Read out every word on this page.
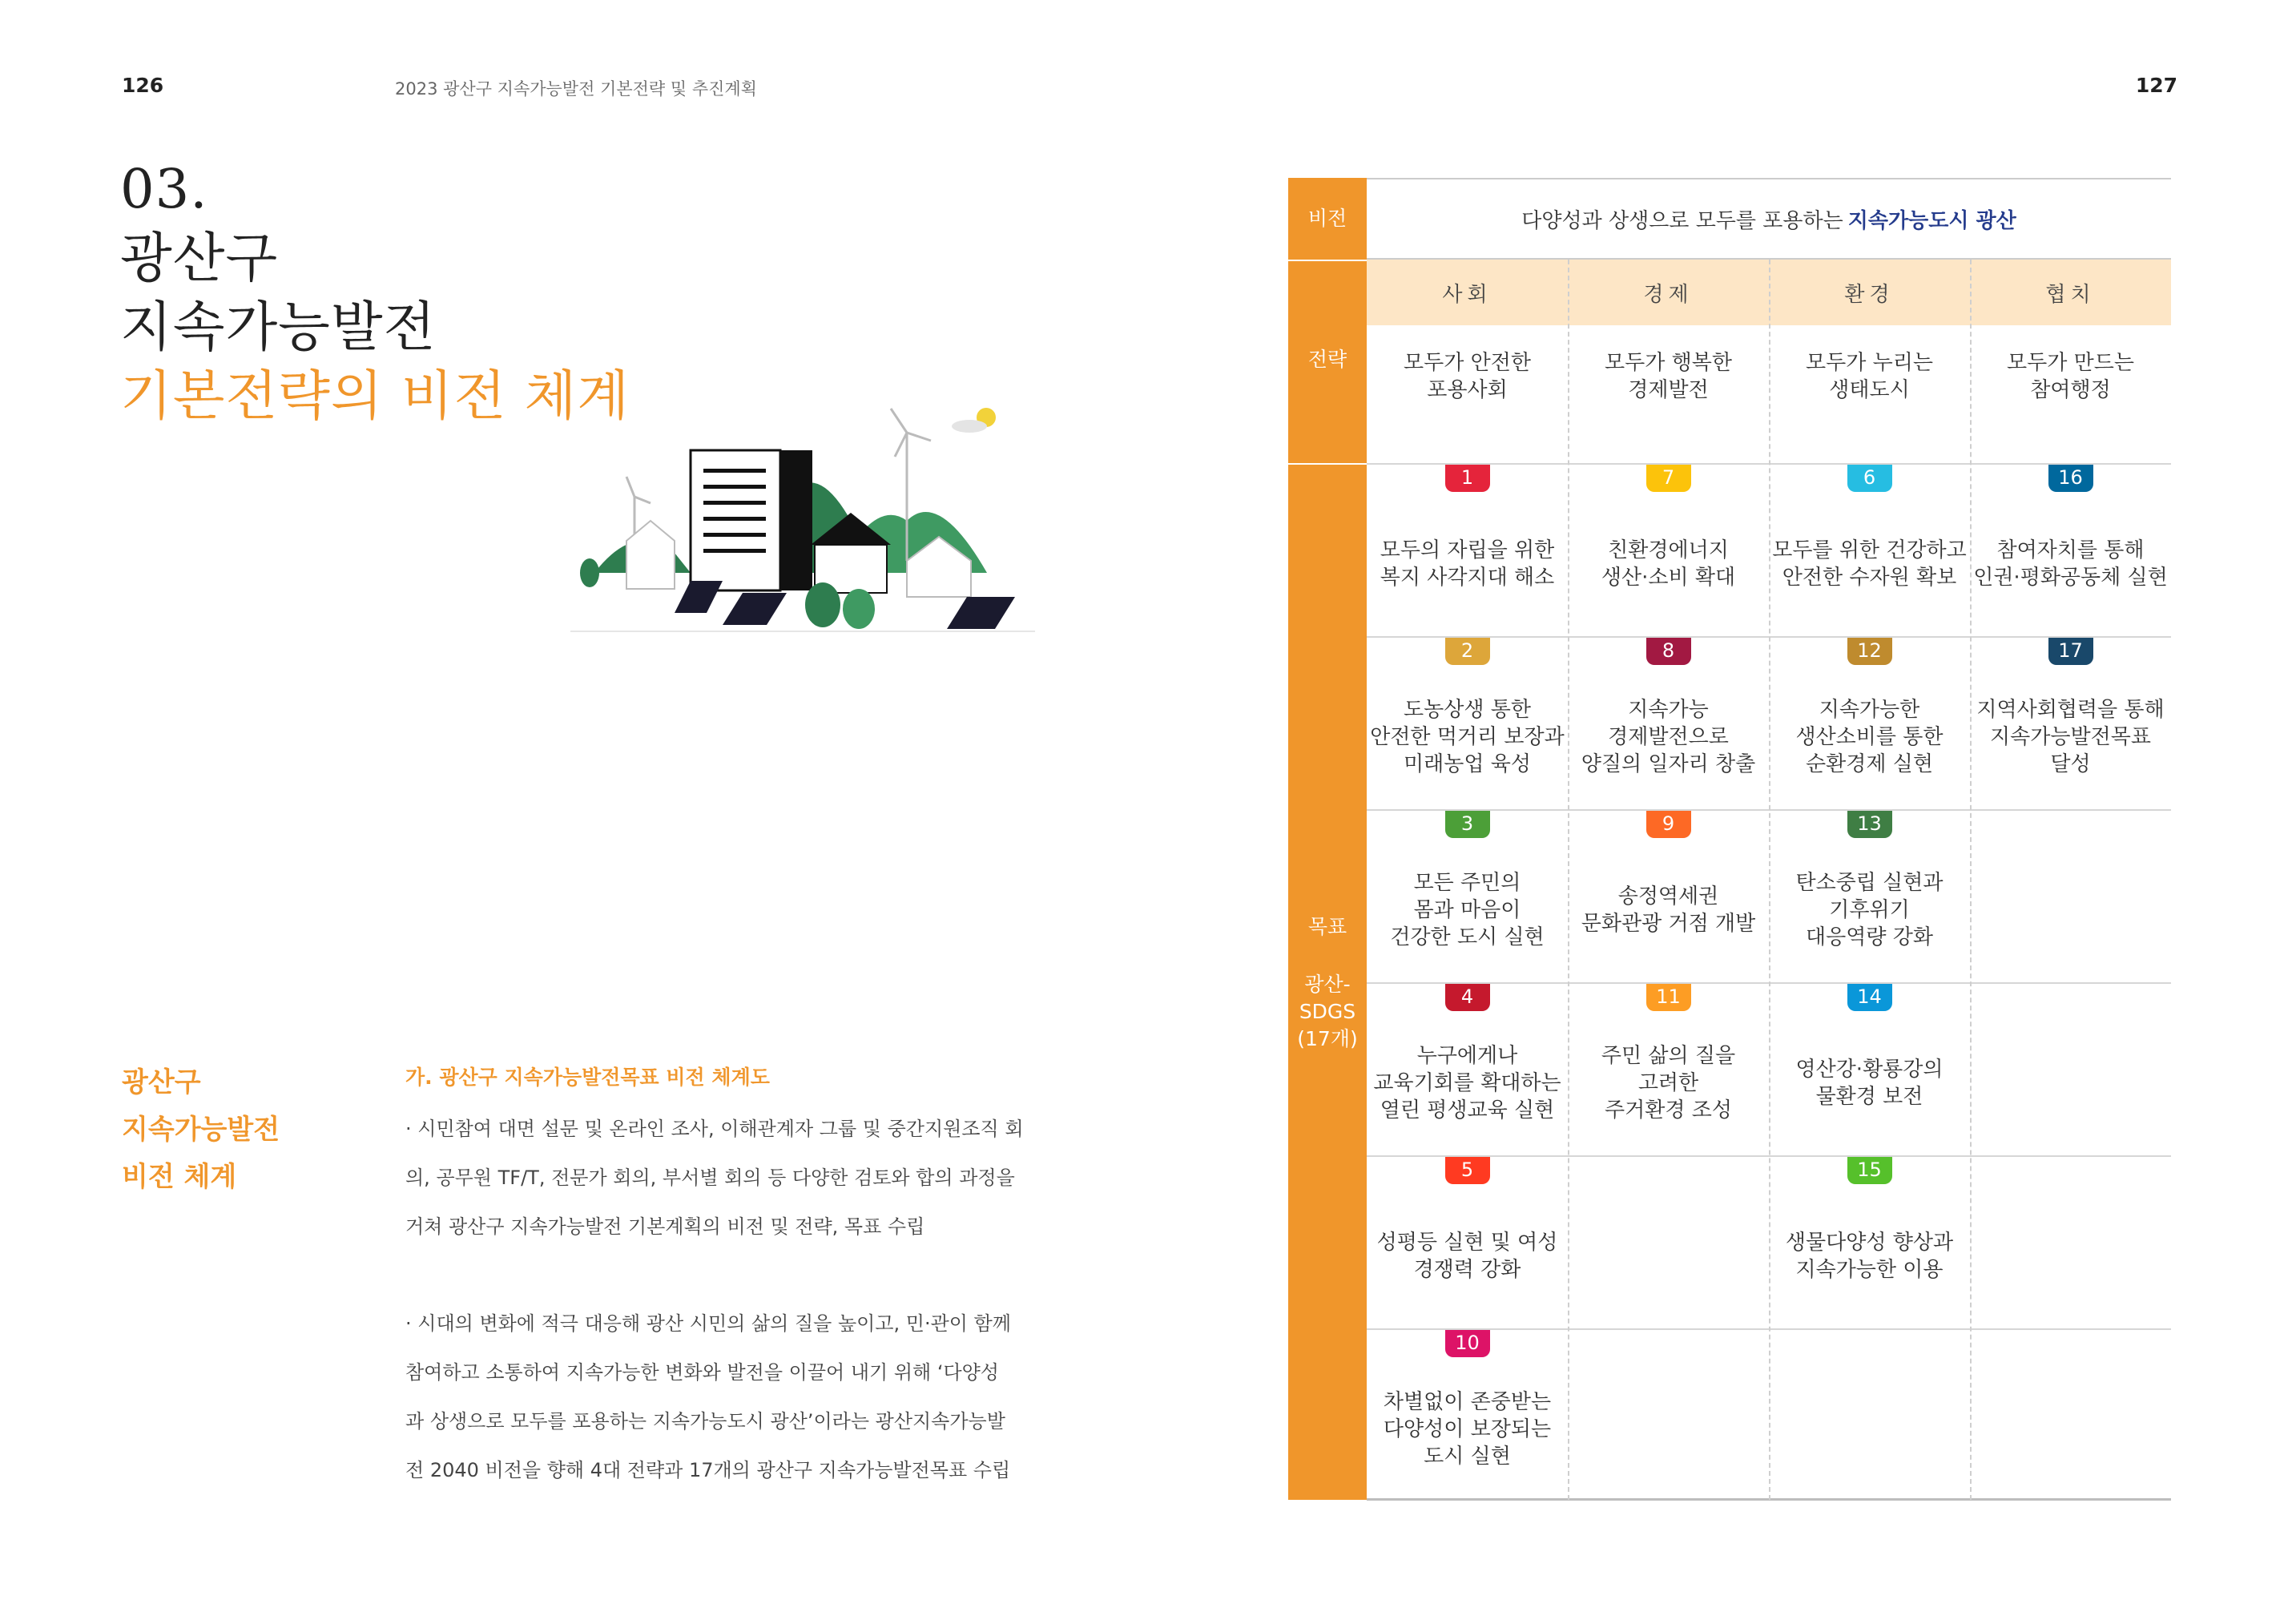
126	2023 광산구 지속가능발전 기본전략 및 추진계획	127
03.
광산구
지속가능발전
기본전략의 비전 체계
광산구
지속가능발전
비전 체계
가. 광산구 지속가능발전목표 비전 체계도
· 시민참여 대면 설문 및 온라인 조사, 이해관계자 그룹 및 중간지원조직 회
의, 공무원 TF/T, 전문가 회의, 부서별 회의 등 다양한 검토와 합의 과정을
거쳐 광산구 지속가능발전 기본계획의 비전 및 전략, 목표 수립
· 시대의 변화에 적극 대응해 광산 시민의 삶의 질을 높이고, 민·관이 함께
참여하고 소통하여 지속가능한 변화와 발전을 이끌어 내기 위해 ‘다양성
과 상생으로 모두를 포용하는 지속가능도시 광산’이라는 광산지속가능발
전 2040 비전을 향해 4대 전략과 17개의 광산구 지속가능발전목표 수립
비전
전략
목표
광산-
SDGS
(17개)
다양성과 상생으로 모두를 포용하는 지속가능도시 광산
사회
모두가 안전한
포용사회
1
모두의 자립을 위한
복지 사각지대 해소
2
도농상생 통한
안전한 먹거리 보장과
미래농업 육성
3
모든 주민의
몸과 마음이
건강한 도시 실현
4
누구에게나
교육기회를 확대하는
열린 평생교육 실현
5
성평등 실현 및 여성
경쟁력 강화
10
차별없이 존중받는
다양성이 보장되는
도시 실현
경제
모두가 행복한
경제발전
7
친환경에너지
생산·소비 확대
8
지속가능
경제발전으로
양질의 일자리 창출
9
송정역세권
문화관광 거점 개발
11
주민 삶의 질을
고려한
주거환경 조성
환경
모두가 누리는
생태도시
6
모두를 위한 건강하고
안전한 수자원 확보
12
지속가능한
생산소비를 통한
순환경제 실현
13
탄소중립 실현과
기후위기
대응역량 강화
14
영산강·황룡강의
물환경 보전
15
생물다양성 향상과
지속가능한 이용
협치
모두가 만드는
참여행정
16
참여자치를 통해
인권·평화공동체 실현
17
지역사회협력을 통해
지속가능발전목표
달성
